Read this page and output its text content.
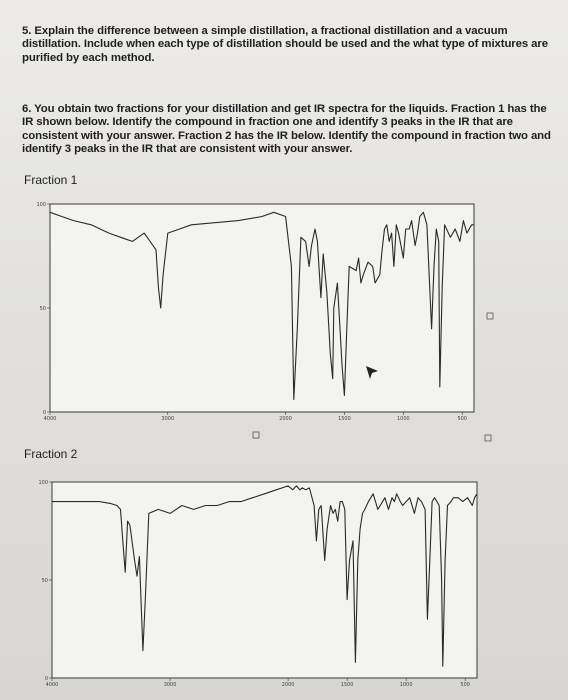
5. Explain the difference between a simple distillation, a fractional distillation and a vacuum distillation. Include when each type of distillation should be used and the what type of mixtures are purified by each method.
6. You obtain two fractions for your distillation and get IR spectra for the liquids. Fraction 1 has the IR shown below. Identify the compound in fraction one and identify 3 peaks in the IR that are consistent with your answer. Fraction 2 has the IR below. Identify the compound in fraction two and identify 3 peaks in the IR that are consistent with your answer.
Fraction 1
Fraction 2
100
50
0
4000	3000	2000	1500	1000	500
100
50
0
4000	3000	2000	1500	1000	500
